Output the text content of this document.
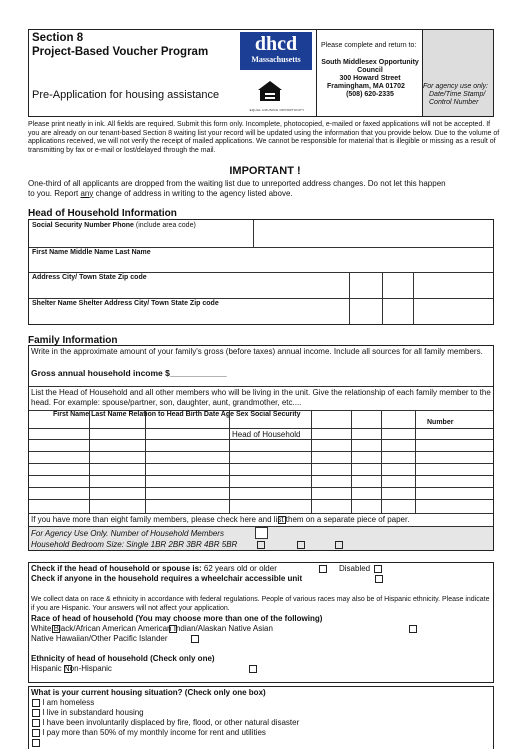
Section 8
Project-Based Voucher Program
Pre-Application for housing assistance
dhcd
Massachusetts
EQUAL HOUSING OPPORTUNITY
Please complete and return to:
South Middlesex Opportunity
Council
300 Howard Street
Framingham, MA 01702
(508) 620-2335
For agency use only:
Date/Time Stamp/
Control Number
Please print neatly in ink. All fields are required. Submit this form only. Incomplete, photocopied, e-mailed or faxed applications will not be accepted. If you are already on our tenant-based Section 8 waiting list your record will be updated using the information that you provide below. Due to the volume of applications received, we will not verify the receipt of mailed applications. We cannot be responsible for material that is illegible or missing as a result of transmitting by fax or e-mail or lost/delayed through the mail.
IMPORTANT !
One-third of all applicants are dropped from the waiting list due to unreported address changes. Do not let this happen
to you. Report any change of address in writing to the agency listed above.
Head of Household Information
Social Security Number Phone (include area code)
First Name Middle Name Last Name
Address City/ Town State Zip code
Shelter Name Shelter Address City/ Town State Zip code
Family Information
Write in the approximate amount of your family's gross (before taxes) annual income. Include all sources for all family members.
Gross annual household income $____________
List the Head of Household and all other members who will be living in the unit. Give the relationship of each family member to the head. For example: spouse/partner, son, daughter, aunt, grandmother, etc....
First Name Last Name Relation to Head Birth Date Age Sex Social Security
Number
Head of Household
If you have more than eight family members, please check here and list them on a separate piece of paper.
For Agency Use Only. Number of Household Members
Household Bedroom Size: Single 1BR 2BR 3BR 4BR 5BR
Check if the head of household or spouse is: 62 years old or older	Disabled
Check if anyone in the household requires a wheelchair accessible unit
We collect data on race & ethnicity in accordance with federal regulations. People of various races may also be of Hispanic ethnicity. Please indicate if you are Hispanic. Your answers will not affect your application.
Race of head of household (You may choose more than one of the following)
White Black/African American American Indian/Alaskan Native Asian
Native Hawaiian/Other Pacific Islander
Ethnicity of head of household (Check only one)
Hispanic Non-Hispanic
What is your current housing situation? (Check only one box)
I am homeless
I live in substandard housing
I have been involuntarily displaced by fire, flood, or other natural disaster
I pay more than 50% of my monthly income for rent and utilities
